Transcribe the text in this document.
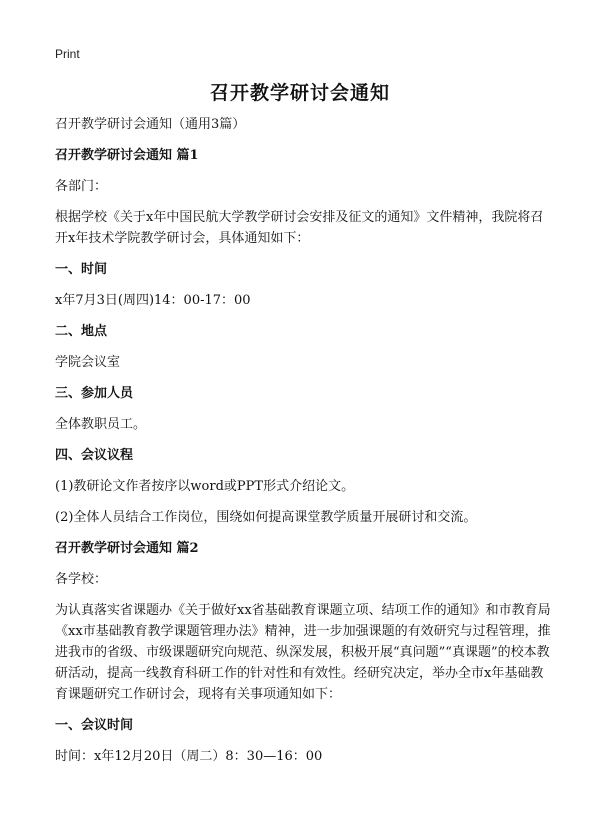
Print
召开教学研讨会通知
召开教学研讨会通知（通用3篇）
召开教学研讨会通知 篇1
各部门：
根据学校《关于x年中国民航大学教学研讨会安排及征文的通知》文件精神，我院将召开x年技术学院教学研讨会，具体通知如下：
一、时间
x年7月3日(周四)14：00-17：00
二、地点
学院会议室
三、参加人员
全体教职员工。
四、会议议程
(1)教研论文作者按序以word或PPT形式介绍论文。
(2)全体人员结合工作岗位，围绕如何提高课堂教学质量开展研讨和交流。
召开教学研讨会通知 篇2
各学校：
为认真落实省课题办《关于做好xx省基础教育课题立项、结项工作的通知》和市教育局《xx市基础教育教学课题管理办法》精神，进一步加强课题的有效研究与过程管理，推进我市的省级、市级课题研究向规范、纵深发展，积极开展“真问题”“真课题”的校本教研活动，提高一线教育科研工作的针对性和有效性。经研究决定，举办全市x年基础教育课题研究工作研讨会，现将有关事项通知如下：
一、会议时间
时间：x年12月20日（周二）8：30—16：00
